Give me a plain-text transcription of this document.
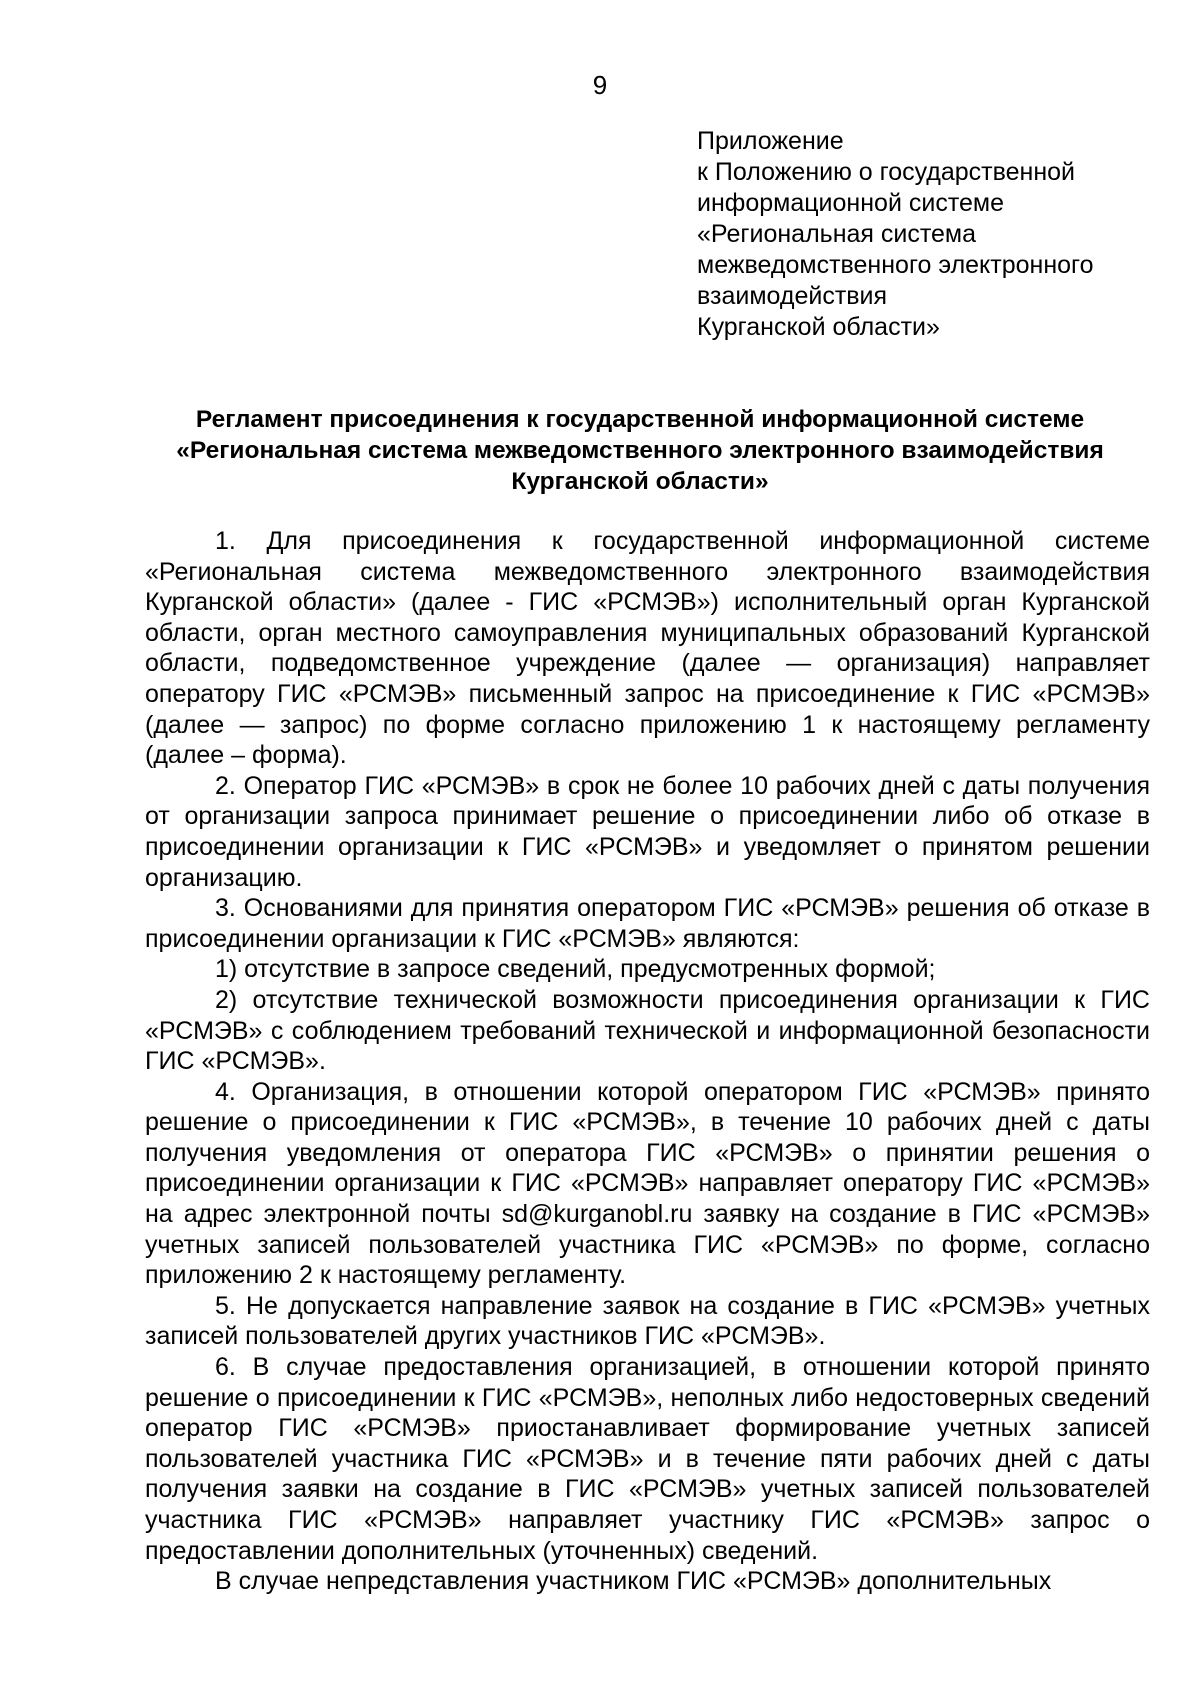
9
Приложение
к Положению о государственной
информационной системе
«Региональная система
межведомственного электронного
взаимодействия
Курганской области»
Регламент присоединения к государственной информационной системе
«Региональная система межведомственного электронного взаимодействия
Курганской области»

1. Для присоединения к государственной информационной системе «Региональная система межведомственного электронного взаимодействия Курганской области» (далее - ГИС «РСМЭВ») исполнительный орган Курганской области, орган местного самоуправления муниципальных образований Курганской области, подведомственное учреждение (далее — организация) направляет оператору ГИС «РСМЭВ» письменный запрос на присоединение к ГИС «РСМЭВ» (далее — запрос) по форме согласно приложению 1 к настоящему регламенту (далее – форма).

2. Оператор ГИС «РСМЭВ» в срок не более 10 рабочих дней с даты получения от организации запроса принимает решение о присоединении либо об отказе в присоединении организации к ГИС «РСМЭВ» и уведомляет о принятом решении организацию.

3. Основаниями для принятия оператором ГИС «РСМЭВ» решения об отказе в присоединении организации к ГИС «РСМЭВ» являются:

1) отсутствие в запросе сведений, предусмотренных формой;

2) отсутствие технической возможности присоединения организации к ГИС «РСМЭВ» с соблюдением требований технической и информационной безопасности ГИС «РСМЭВ».

4. Организация, в отношении которой оператором ГИС «РСМЭВ» принято решение о присоединении к ГИС «РСМЭВ», в течение 10 рабочих дней с даты получения уведомления от оператора ГИС «РСМЭВ» о принятии решения о присоединении организации к ГИС «РСМЭВ» направляет оператору ГИС «РСМЭВ» на адрес электронной почты sd@kurganobl.ru заявку на создание в ГИС «РСМЭВ» учетных записей пользователей участника ГИС «РСМЭВ» по форме, согласно приложению 2 к настоящему регламенту.

5. Не допускается направление заявок на создание в ГИС «РСМЭВ» учетных записей пользователей других участников ГИС «РСМЭВ».

6. В случае предоставления организацией, в отношении которой принято решение о присоединении к ГИС «РСМЭВ», неполных либо недостоверных сведений оператор ГИС «РСМЭВ» приостанавливает формирование учетных записей пользователей участника ГИС «РСМЭВ» и в течение пяти рабочих дней с даты получения заявки на создание в ГИС «РСМЭВ» учетных записей пользователей участника ГИС «РСМЭВ» направляет участнику ГИС «РСМЭВ» запрос о предоставлении дополнительных (уточненных) сведений.

В случае непредставления участником ГИС «РСМЭВ» дополнительных
